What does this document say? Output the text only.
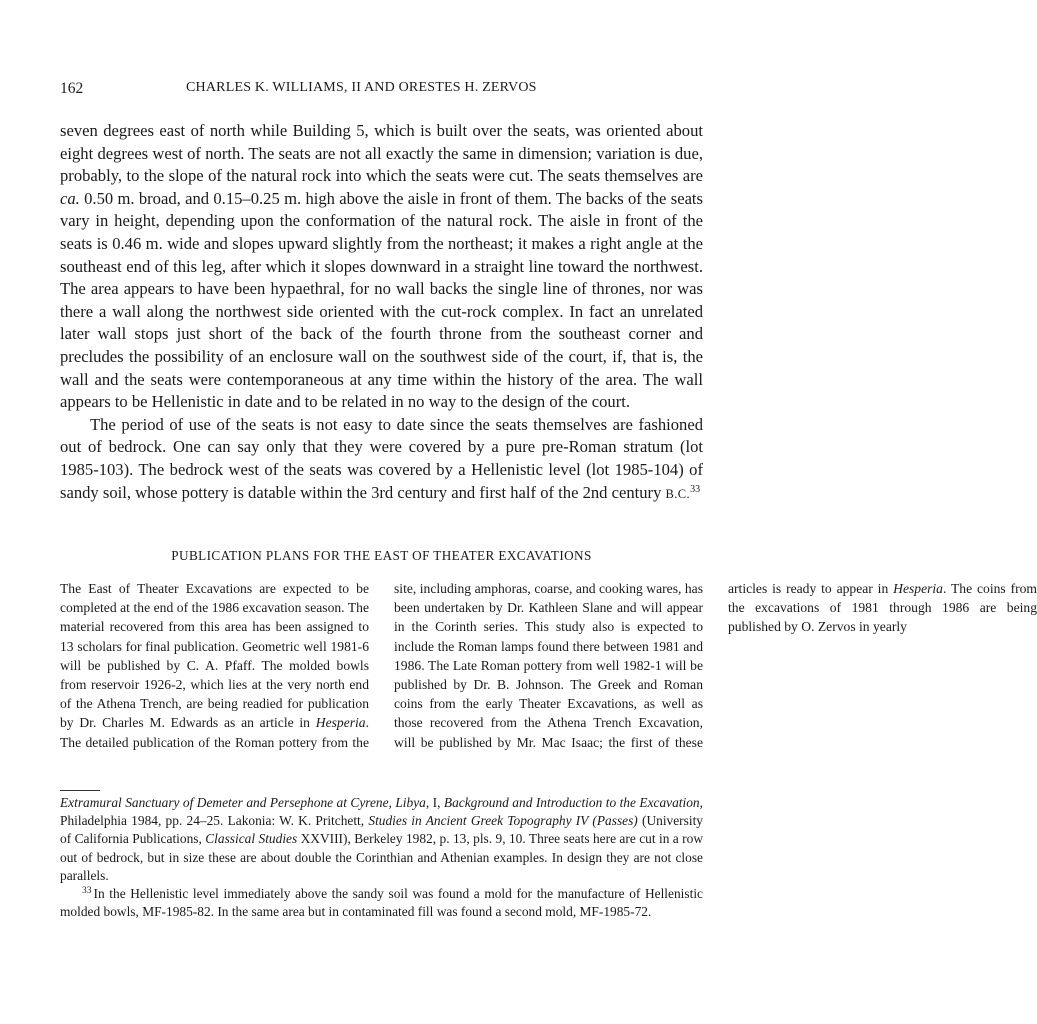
162	CHARLES K. WILLIAMS, II AND ORESTES H. ZERVOS

seven degrees east of north while Building 5, which is built over the seats, was oriented about eight degrees west of north. The seats are not all exactly the same in dimension; variation is due, probably, to the slope of the natural rock into which the seats were cut. The seats themselves are ca. 0.50 m. broad, and 0.15–0.25 m. high above the aisle in front of them. The backs of the seats vary in height, depending upon the conformation of the natural rock. The aisle in front of the seats is 0.46 m. wide and slopes upward slightly from the northeast; it makes a right angle at the southeast end of this leg, after which it slopes downward in a straight line toward the northwest. The area appears to have been hypaethral, for no wall backs the single line of thrones, nor was there a wall along the northwest side oriented with the cut-rock complex. In fact an unrelated later wall stops just short of the back of the fourth throne from the southeast corner and precludes the possibility of an enclosure wall on the southwest side of the court, if, that is, the wall and the seats were contemporaneous at any time within the history of the area. The wall appears to be Hellenistic in date and to be related in no way to the design of the court.

The period of use of the seats is not easy to date since the seats themselves are fashioned out of bedrock. One can say only that they were covered by a pure pre-Roman stratum (lot 1985-103). The bedrock west of the seats was covered by a Hellenistic level (lot 1985-104) of sandy soil, whose pottery is datable within the 3rd century and first half of the 2nd century B.C.$^{33}$

PUBLICATION PLANS FOR THE EAST OF THEATER EXCAVATIONS

The East of Theater Excavations are expected to be completed at the end of the 1986 excavation season. The material recovered from this area has been assigned to 13 scholars for final publication. Geometric well 1981-6 will be published by C. A. Pfaff. The molded bowls from reservoir 1926-2, which lies at the very north end of the Athena Trench, are being readied for publication by Dr. Charles M. Edwards as an article in Hesperia. The detailed publication of the Roman pottery from the site, including amphoras, coarse, and cooking wares, has been undertaken by Dr. Kathleen Slane and will appear in the Corinth series. This study also is expected to include the Roman lamps found there between 1981 and 1986. The Late Roman pottery from well 1982-1 will be published by Dr. B. Johnson. The Greek and Roman coins from the early Theater Excavations, as well as those recovered from the Athena Trench Excavation, will be published by Mr. Mac Isaac; the first of these articles is ready to appear in Hesperia. The coins from the excavations of 1981 through 1986 are being published by O. Zervos in yearly

Extramural Sanctuary of Demeter and Persephone at Cyrene, Libya, I, Background and Introduction to the Excavation, Philadelphia 1984, pp. 24–25. Lakonia: W. K. Pritchett, Studies in Ancient Greek Topography IV (Passes) (University of California Publications, Classical Studies XXVIII), Berkeley 1982, p. 13, pls. 9, 10. Three seats here are cut in a row out of bedrock, but in size these are about double the Corinthian and Athenian examples. In design they are not close parallels.

$^{33}$ In the Hellenistic level immediately above the sandy soil was found a mold for the manufacture of Hellenistic molded bowls, MF-1985-82. In the same area but in contaminated fill was found a second mold, MF-1985-72.
